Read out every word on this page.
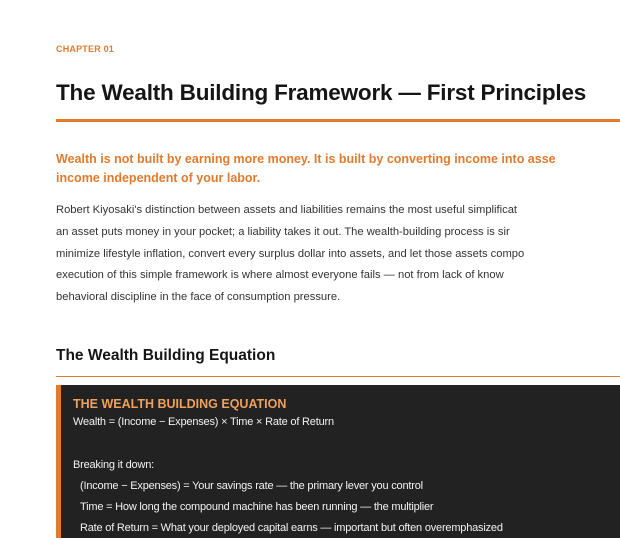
CHAPTER 01
The Wealth Building Framework — First Principles
Wealth is not built by earning more money. It is built by converting income into asse
income independent of your labor.
Robert Kiyosaki's distinction between assets and liabilities remains the most useful simplificat
an asset puts money in your pocket; a liability takes it out. The wealth-building process is sir
minimize lifestyle inflation, convert every surplus dollar into assets, and let those assets compo
execution of this simple framework is where almost everyone fails — not from lack of know
behavioral discipline in the face of consumption pressure.
The Wealth Building Equation
THE WEALTH BUILDING EQUATION
Wealth = (Income − Expenses) × Time × Rate of Return
Breaking it down:
(Income − Expenses) = Your savings rate — the primary lever you control
Time = How long the compound machine has been running — the multiplier
Rate of Return = What your deployed capital earns — important but often overemphasized
